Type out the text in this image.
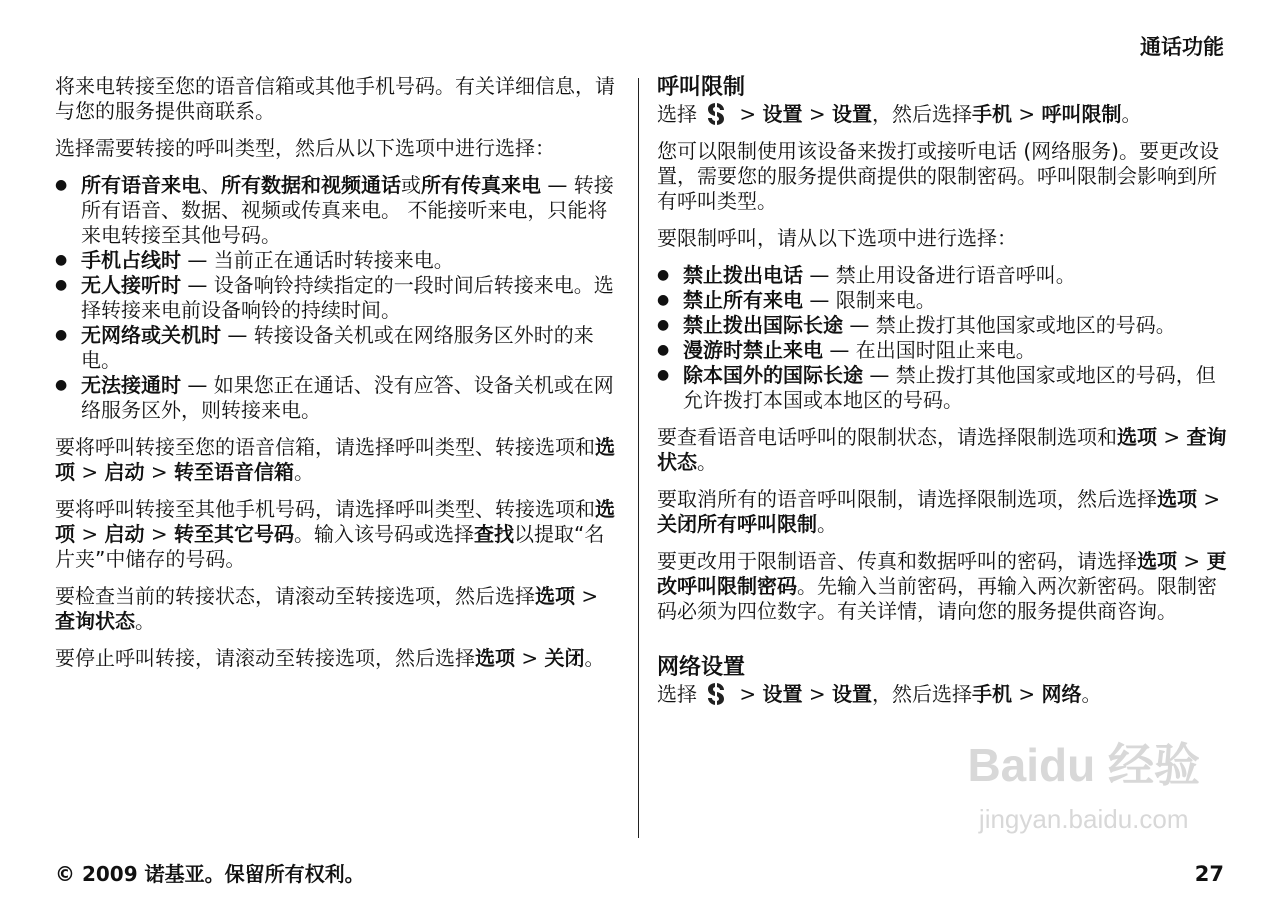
通话功能

将来电转接至您的语音信箱或其他手机号码。有关详细信息，请与您的服务提供商联系。

选择需要转接的呼叫类型，然后从以下选项中进行选择：

● 所有语音来电、所有数据和视频通话或所有传真来电 — 转接所有语音、数据、视频或传真来电。 不能接听来电，只能将来电转接至其他号码。
● 手机占线时 — 当前正在通话时转接来电。
● 无人接听时 — 设备响铃持续指定的一段时间后转接来电。选择转接来电前设备响铃的持续时间。
● 无网络或关机时 — 转接设备关机或在网络服务区外时的来电。
● 无法接通时 — 如果您正在通话、没有应答、设备关机或在网络服务区外，则转接来电。

要将呼叫转接至您的语音信箱，请选择呼叫类型、转接选项和选项 > 启动 > 转至语音信箱。

要将呼叫转接至其他手机号码，请选择呼叫类型、转接选项和选项 > 启动 > 转至其它号码。输入该号码或选择查找以提取“名片夹”中储存的号码。

要检查当前的转接状态，请滚动至转接选项，然后选择选项 > 查询状态。

要停止呼叫转接，请滚动至转接选项，然后选择选项 > 关闭。

呼叫限制

选择 > 设置 > 设置，然后选择手机 > 呼叫限制。

您可以限制使用该设备来拨打或接听电话 (网络服务)。要更改设置，需要您的服务提供商提供的限制密码。呼叫限制会影响到所有呼叫类型。

要限制呼叫，请从以下选项中进行选择：

● 禁止拨出电话 — 禁止用设备进行语音呼叫。
● 禁止所有来电 — 限制来电。
● 禁止拨出国际长途 — 禁止拨打其他国家或地区的号码。
● 漫游时禁止来电 — 在出国时阻止来电。
● 除本国外的国际长途 — 禁止拨打其他国家或地区的号码，但允许拨打本国或本地区的号码。

要查看语音电话呼叫的限制状态，请选择限制选项和选项 > 查询状态。

要取消所有的语音呼叫限制，请选择限制选项，然后选择选项 > 关闭所有呼叫限制。

要更改用于限制语音、传真和数据呼叫的密码，请选择选项 > 更改呼叫限制密码。先输入当前密码，再输入两次新密码。限制密码必须为四位数字。有关详情，请向您的服务提供商咨询。

网络设置

选择 > 设置 > 设置，然后选择手机 > 网络。

Baidu 经验
jingyan.baidu.com
© 2009 诺基亚。保留所有权利。	27
